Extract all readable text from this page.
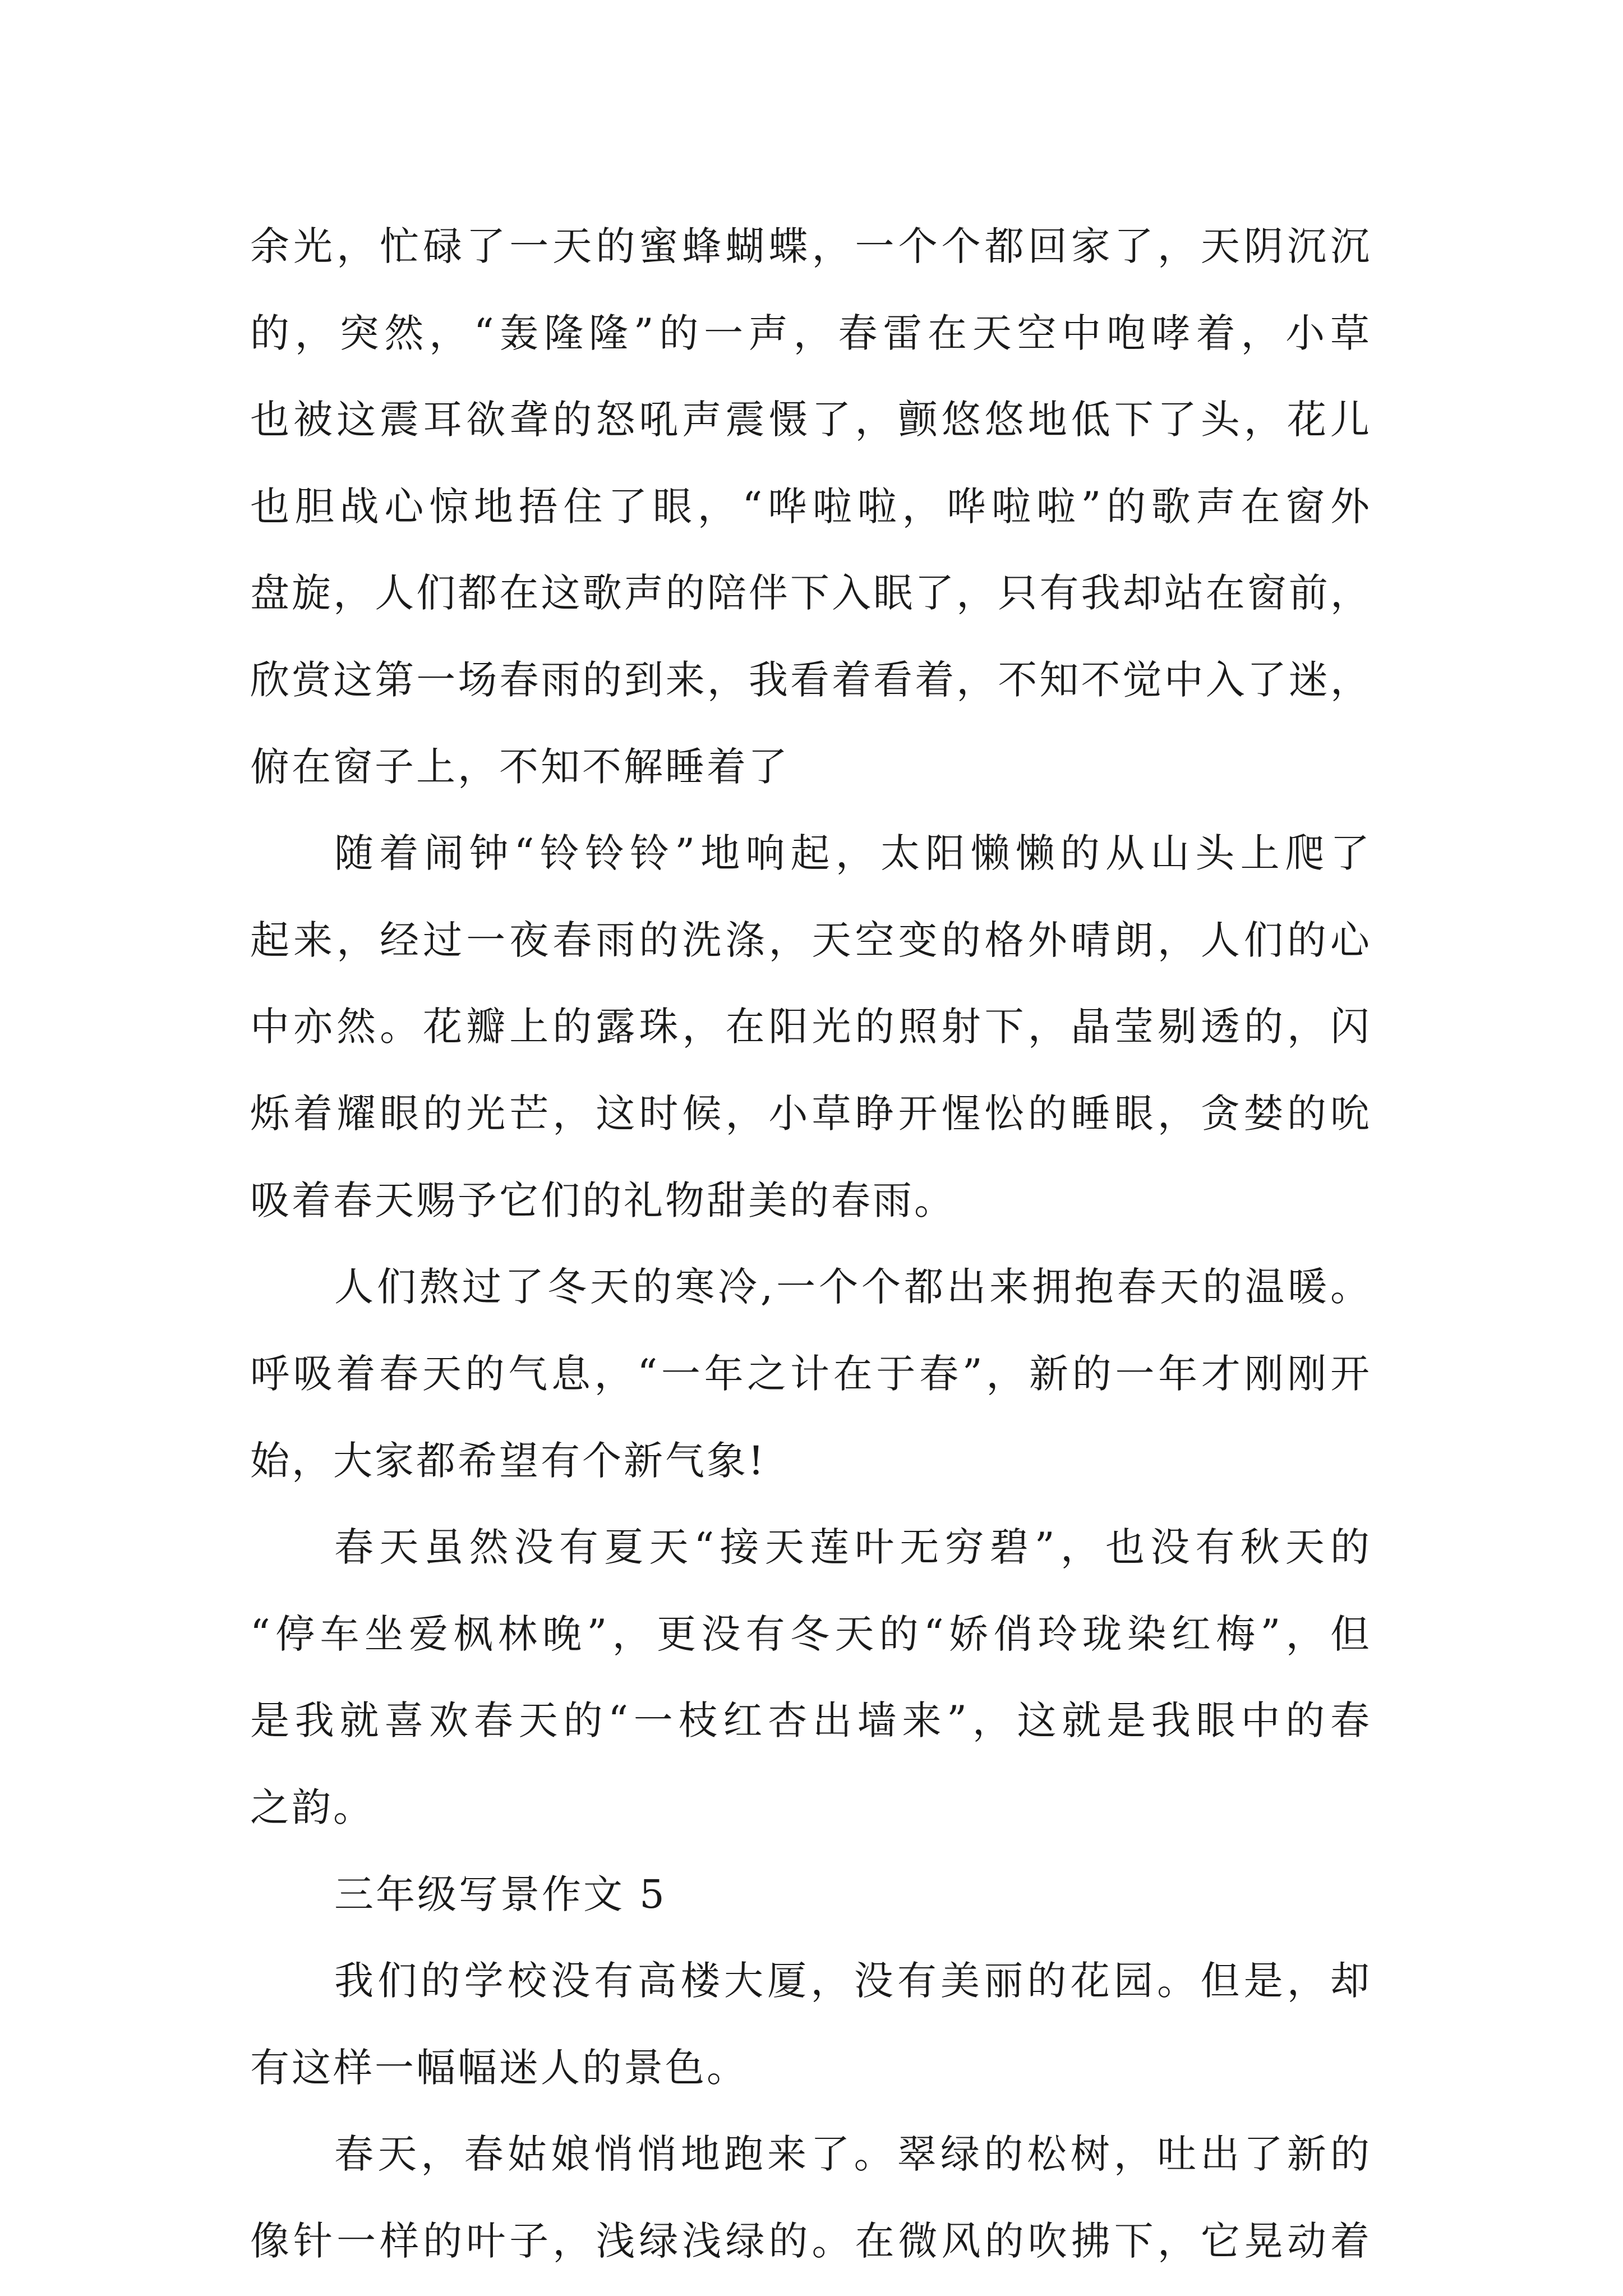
余光，忙碌了一天的蜜蜂蝴蝶，一个个都回家了，天阴沉沉
的，突然，“轰隆隆”的一声，春雷在天空中咆哮着，小草
也被这震耳欲聋的怒吼声震慑了，颤悠悠地低下了头，花儿
也胆战心惊地捂住了眼，“哗啦啦，哗啦啦”的歌声在窗外
盘旋，人们都在这歌声的陪伴下入眠了，只有我却站在窗前，
欣赏这第一场春雨的到来，我看着看着，不知不觉中入了迷，
俯在窗子上，不知不解睡着了
随着闹钟“铃铃铃”地响起，太阳懒懒的从山头上爬了
起来，经过一夜春雨的洗涤，天空变的格外晴朗，人们的心
中亦然。花瓣上的露珠，在阳光的照射下，晶莹剔透的，闪
烁着耀眼的光芒，这时候，小草睁开惺忪的睡眼，贪婪的吮
吸着春天赐予它们的礼物甜美的春雨。
人们熬过了冬天的寒冷,一个个都出来拥抱春天的温暖。
呼吸着春天的气息，“一年之计在于春”，新的一年才刚刚开
始，大家都希望有个新气象!
春天虽然没有夏天“接天莲叶无穷碧”，也没有秋天的
“停车坐爱枫林晚”，更没有冬天的“娇俏玲珑染红梅”，但
是我就喜欢春天的“一枝红杏出墙来”，这就是我眼中的春
之韵。
三年级写景作文 5
我们的学校没有高楼大厦，没有美丽的花园。但是，却
有这样一幅幅迷人的景色。
春天，春姑娘悄悄地跑来了。翠绿的松树，吐出了新的
像针一样的叶子，浅绿浅绿的。在微风的吹拂下，它晃动着
